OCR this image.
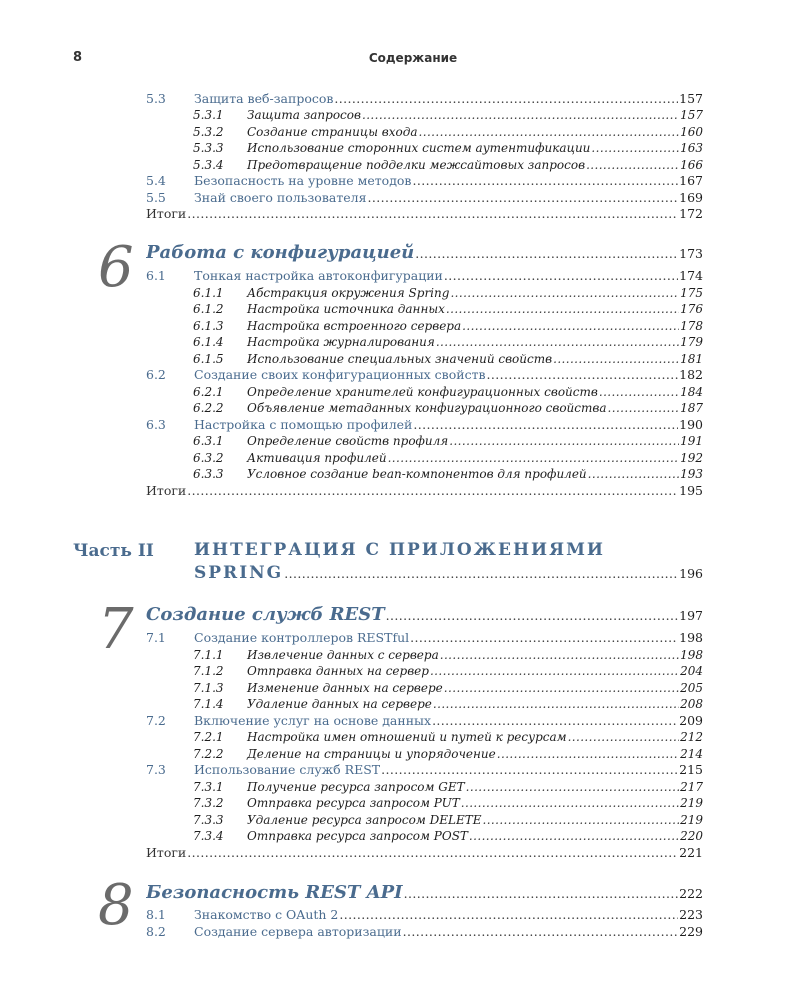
8	Содержание
5.3	Защита веб-запросов .....	157
5.3.1	Защита запросов .....	157
5.3.2	Создание страницы входа .....	160
5.3.3	Использование сторонних систем аутентификации .....	163
5.3.4	Предотвращение подделки межсайтовых запросов .....	166
5.4	Безопасность на уровне методов .....	167
5.5	Знай своего пользователя .....	169
Итоги .....	172
6 Работа с конфигурацией .....	173
6.1	Тонкая настройка автоконфигурации .....	174
6.1.1	Абстракция окружения Spring .....	175
6.1.2	Настройка источника данных .....	176
6.1.3	Настройка встроенного сервера .....	178
6.1.4	Настройка журналирования .....	179
6.1.5	Использование специальных значений свойств .....	181
6.2	Создание своих конфигурационных свойств .....	182
6.2.1	Определение хранителей конфигурационных свойств .....	184
6.2.2	Объявление метаданных конфигурационного свойства .....	187
6.3	Настройка с помощью профилей .....	190
6.3.1	Определение свойств профиля .....	191
6.3.2	Активация профилей .....	192
6.3.3	Условное создание bean-компонентов для профилей .....	193
Итоги .....	195
Часть II ИНТЕГРАЦИЯ С ПРИЛОЖЕНИЯМИ
SPRING .....	196
7 Создание служб REST .....	197
7.1	Создание контроллеров RESTful .....	198
7.1.1	Извлечение данных с сервера .....	198
7.1.2	Отправка данных на сервер .....	204
7.1.3	Изменение данных на сервере .....	205
7.1.4	Удаление данных на сервере .....	208
7.2	Включение услуг на основе данных .....	209
7.2.1	Настройка имен отношений и путей к ресурсам .....	212
7.2.2	Деление на страницы и упорядочение .....	214
7.3	Использование служб REST .....	215
7.3.1	Получение ресурса запросом GET .....	217
7.3.2	Отправка ресурса запросом PUT .....	219
7.3.3	Удаление ресурса запросом DELETE .....	219
7.3.4	Отправка ресурса запросом POST .....	220
Итоги .....	221
8 Безопасность REST API .....	222
8.1	Знакомство с OAuth 2 .....	223
8.2	Создание сервера авторизации .....	229
